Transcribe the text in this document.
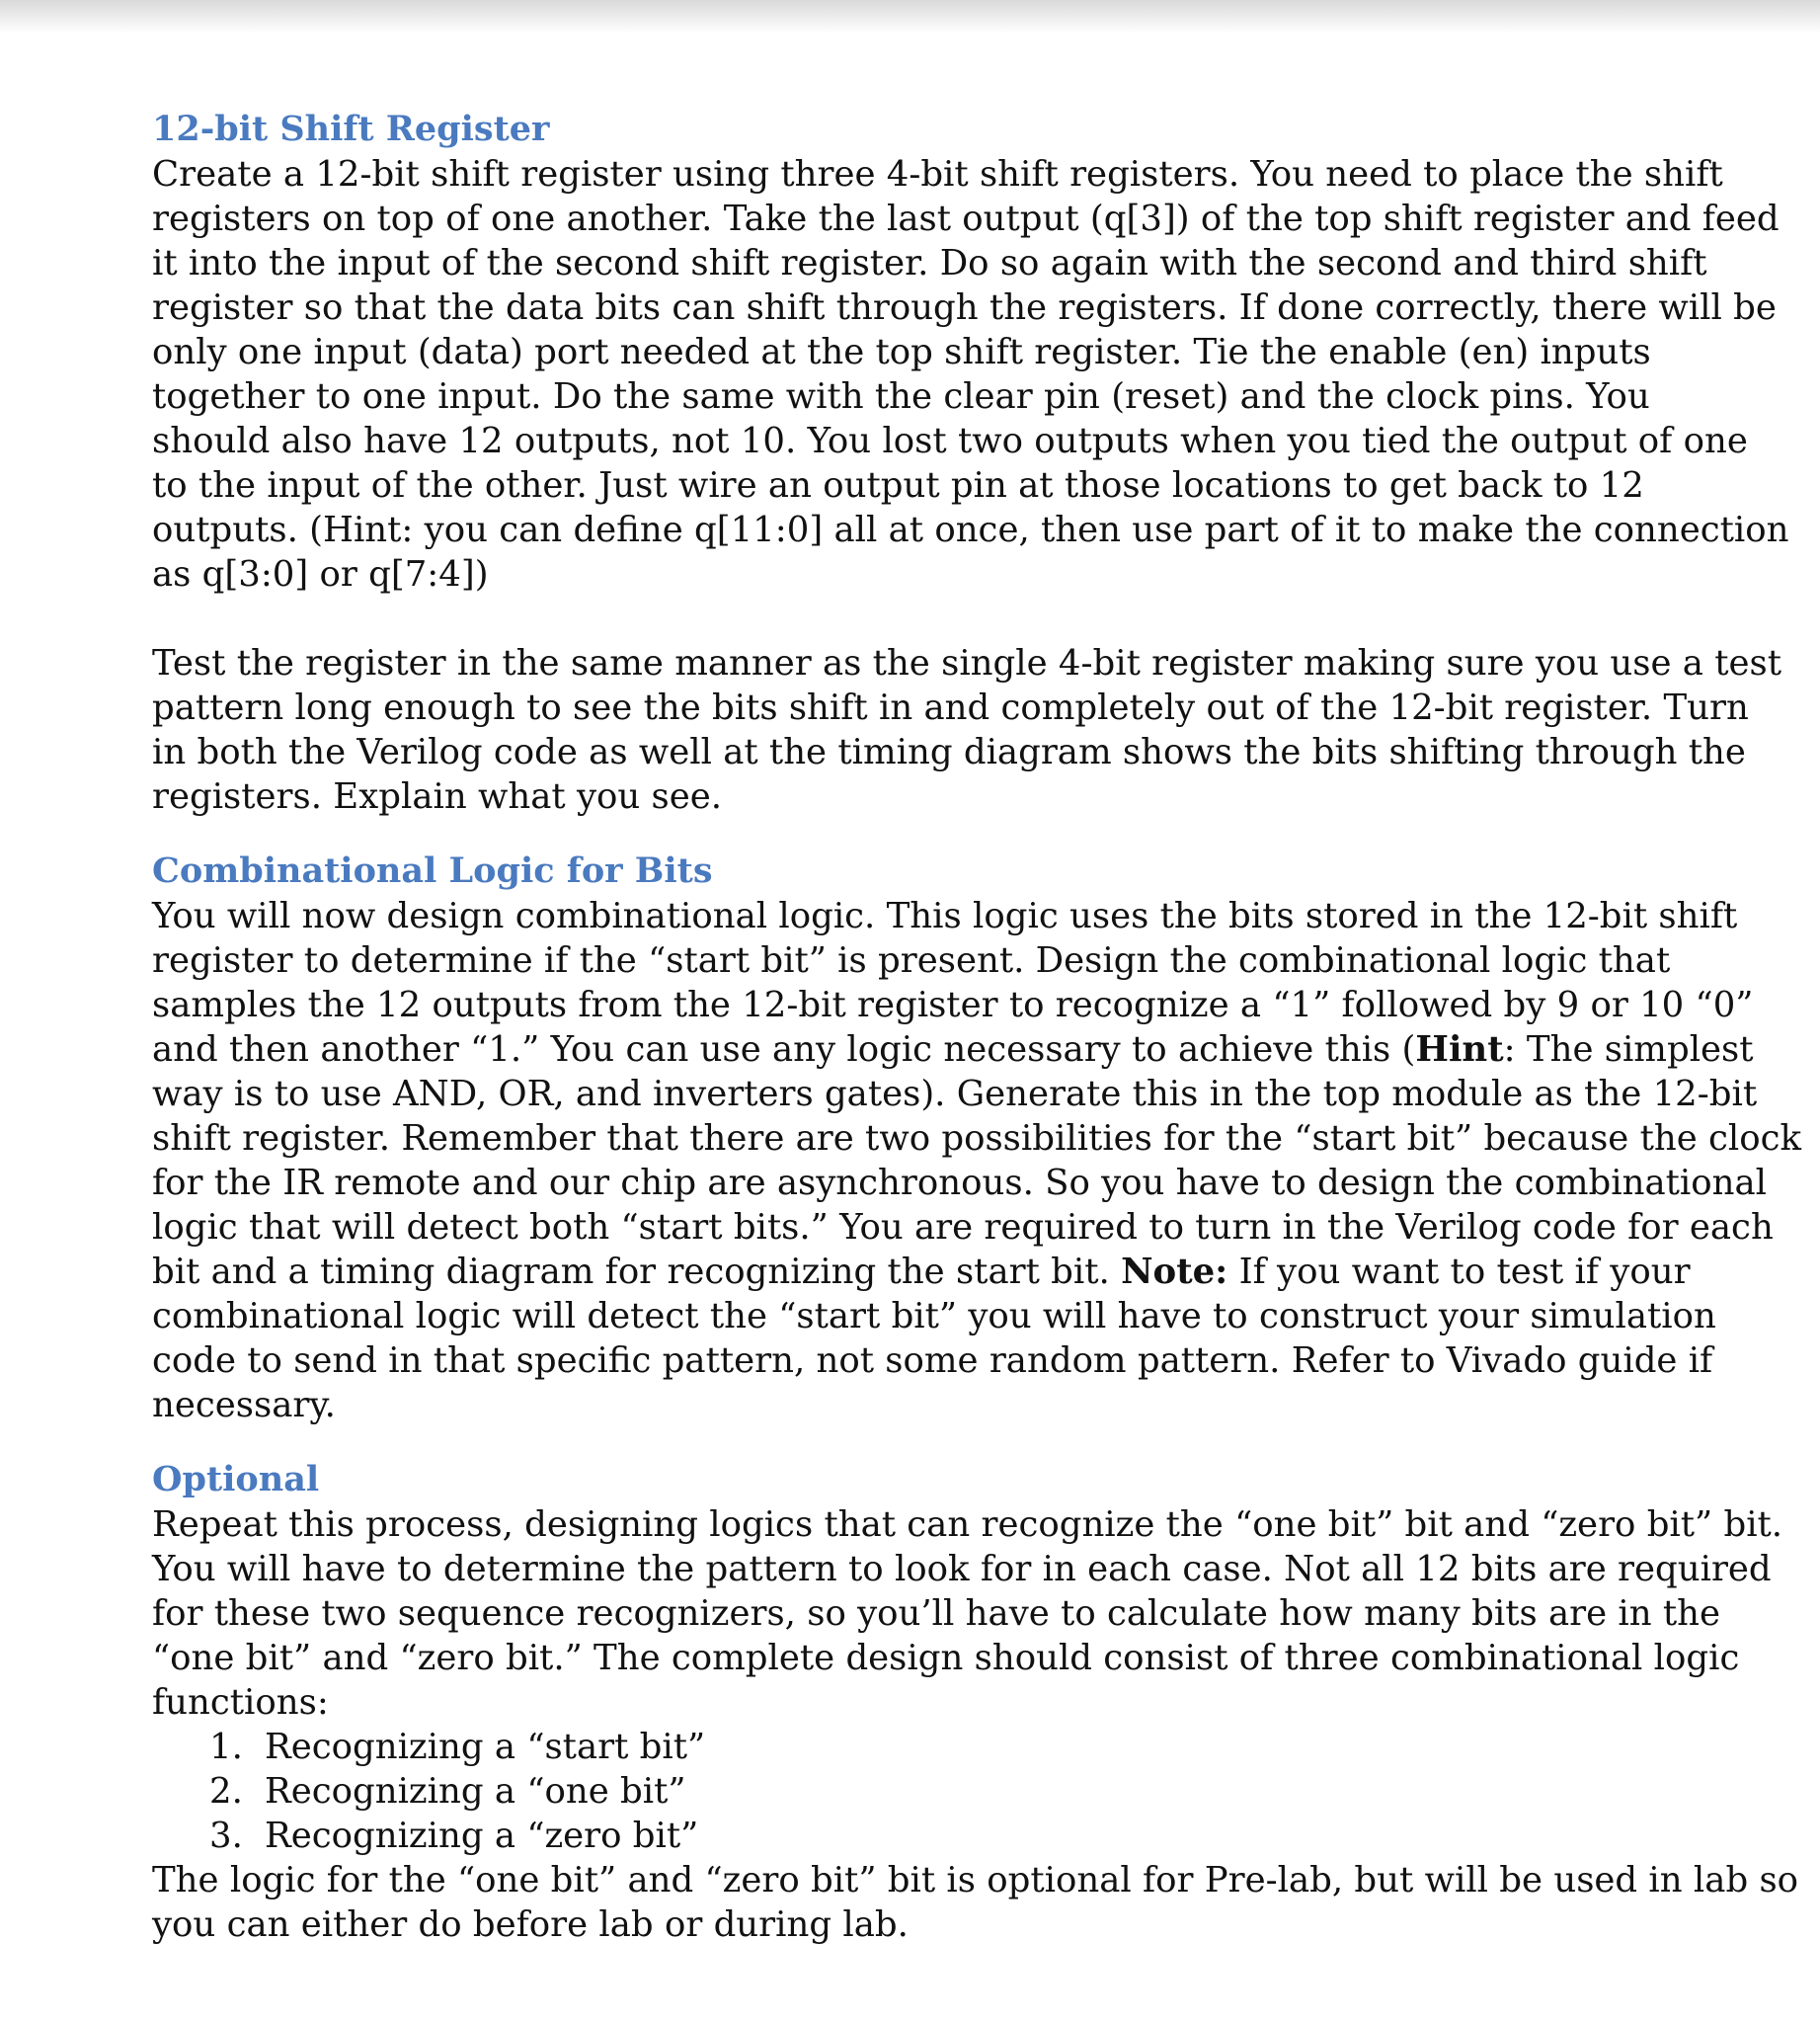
12-bit Shift Register

Create a 12-bit shift register using three 4-bit shift registers. You need to place the shift
registers on top of one another. Take the last output (q[3]) of the top shift register and feed
it into the input of the second shift register. Do so again with the second and third shift
register so that the data bits can shift through the registers. If done correctly, there will be
only one input (data) port needed at the top shift register. Tie the enable (en) inputs
together to one input. Do the same with the clear pin (reset) and the clock pins. You
should also have 12 outputs, not 10. You lost two outputs when you tied the output of one
to the input of the other. Just wire an output pin at those locations to get back to 12
outputs. (Hint: you can define q[11:0] all at once, then use part of it to make the connection
as q[3:0] or q[7:4])

Test the register in the same manner as the single 4-bit register making sure you use a test
pattern long enough to see the bits shift in and completely out of the 12-bit register. Turn
in both the Verilog code as well at the timing diagram shows the bits shifting through the
registers. Explain what you see.

Combinational Logic for Bits

You will now design combinational logic. This logic uses the bits stored in the 12-bit shift
register to determine if the “start bit” is present. Design the combinational logic that
samples the 12 outputs from the 12-bit register to recognize a “1” followed by 9 or 10 “0”
and then another “1.” You can use any logic necessary to achieve this (Hint: The simplest
way is to use AND, OR, and inverters gates). Generate this in the top module as the 12-bit
shift register. Remember that there are two possibilities for the “start bit” because the clock
for the IR remote and our chip are asynchronous. So you have to design the combinational
logic that will detect both “start bits.” You are required to turn in the Verilog code for each
bit and a timing diagram for recognizing the start bit. Note: If you want to test if your
combinational logic will detect the “start bit” you will have to construct your simulation
code to send in that specific pattern, not some random pattern. Refer to Vivado guide if
necessary.

Optional

Repeat this process, designing logics that can recognize the “one bit” bit and “zero bit” bit.
You will have to determine the pattern to look for in each case. Not all 12 bits are required
for these two sequence recognizers, so you’ll have to calculate how many bits are in the
“one bit” and “zero bit.” The complete design should consist of three combinational logic
functions:
1. Recognizing a “start bit”
2. Recognizing a “one bit”
3. Recognizing a “zero bit”
The logic for the “one bit” and “zero bit” bit is optional for Pre-lab, but will be used in lab so
you can either do before lab or during lab.
